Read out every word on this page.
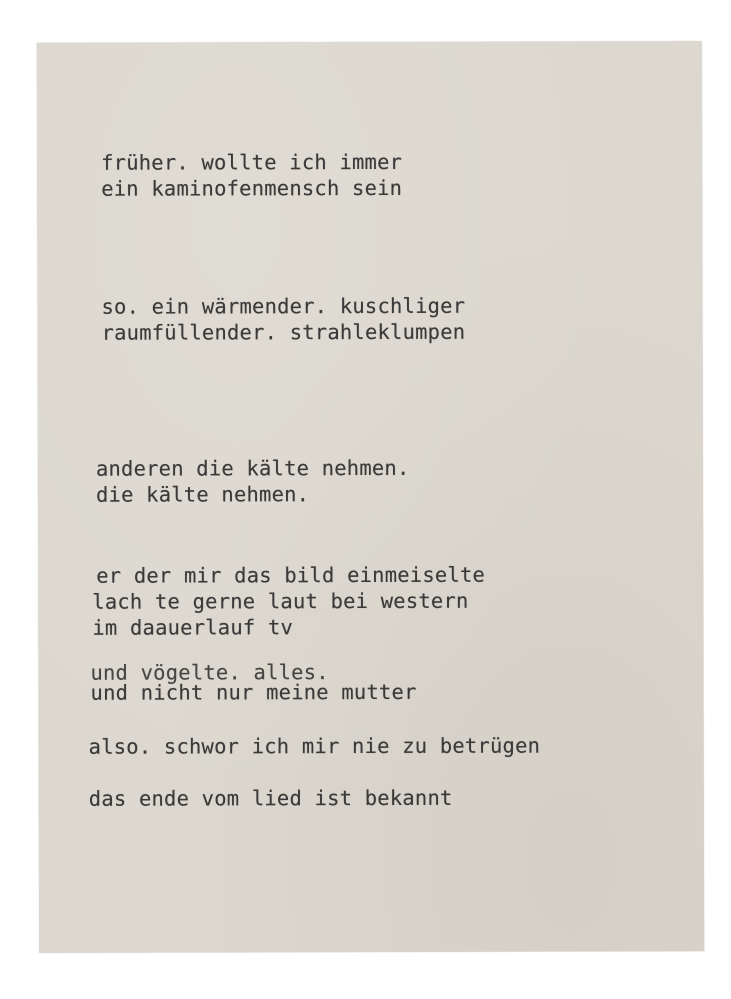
früher. wollte ich immer
ein kaminofenmensch sein
so. ein wärmender. kuschliger
raumfüllender. strahleklumpen
anderen die kälte nehmen.
die kälte nehmen.
er der mir das bild einmeiselte
lach te gerne laut bei western
im daauerlauf tv
und vögelte. alles.
und nicht nur meine mutter
also. schwor ich mir nie zu betrügen
das ende vom lied ist bekannt
